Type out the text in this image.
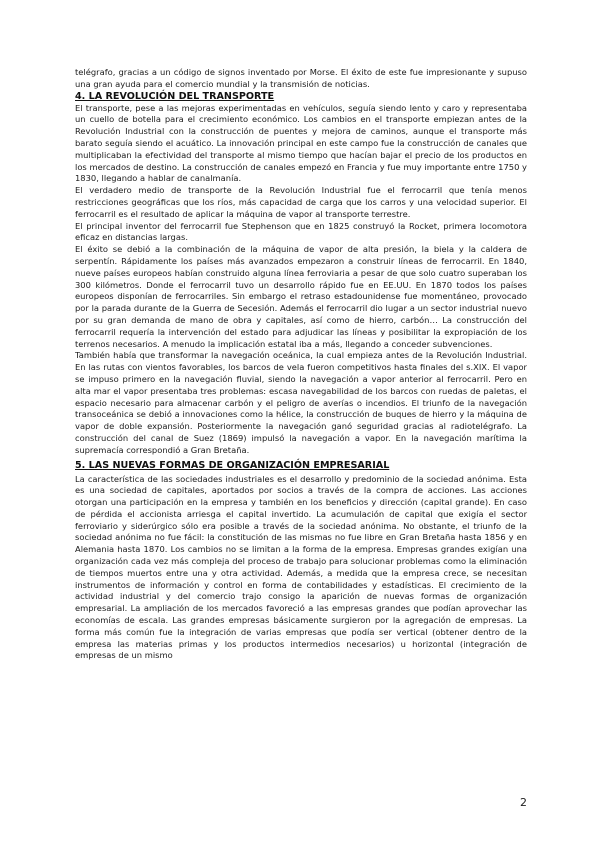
telégrafo, gracias a un código de signos inventado por Morse. El éxito de este fue impresionante y supuso una gran ayuda para el comercio mundial y la transmisión de noticias.

4. LA REVOLUCIÓN DEL TRANSPORTE

El transporte, pese a las mejoras experimentadas en vehículos, seguía siendo lento y caro y representaba un cuello de botella para el crecimiento económico. Los cambios en el transporte empiezan antes de la Revolución Industrial con la construcción de puentes y mejora de caminos, aunque el transporte más barato seguía siendo el acuático. La innovación principal en este campo fue la construcción de canales que multiplicaban la efectividad del transporte al mismo tiempo que hacían bajar el precio de los productos en los mercados de destino. La construcción de canales empezó en Francia y fue muy importante entre 1750 y 1830, llegando a hablar de canalmanía.

El verdadero medio de transporte de la Revolución Industrial fue el ferrocarril que tenía menos restricciones geográficas que los ríos, más capacidad de carga que los carros y una velocidad superior. El ferrocarril es el resultado de aplicar la máquina de vapor al transporte terrestre.

El principal inventor del ferrocarril fue Stephenson que en 1825 construyó la Rocket, primera locomotora eficaz en distancias largas.

El éxito se debió a la combinación de la máquina de vapor de alta presión, la biela y la caldera de serpentín. Rápidamente los países más avanzados empezaron a construir líneas de ferrocarril. En 1840, nueve países europeos habían construido alguna línea ferroviaria a pesar de que solo cuatro superaban los 300 kilómetros. Donde el ferrocarril tuvo un desarrollo rápido fue en EE.UU. En 1870 todos los países europeos disponían de ferrocarriles. Sin embargo el retraso estadounidense fue momentáneo, provocado por la parada durante de la Guerra de Secesión. Además el ferrocarril dio lugar a un sector industrial nuevo por su gran demanda de mano de obra y capitales, así como de hierro, carbón… La construcción del ferrocarril requería la intervención del estado para adjudicar las líneas y posibilitar la expropiación de los terrenos necesarios. A menudo la implicación estatal iba a más, llegando a conceder subvenciones.

También había que transformar la navegación oceánica, la cual empieza antes de la Revolución Industrial. En las rutas con vientos favorables, los barcos de vela fueron competitivos hasta finales del s.XIX. El vapor se impuso primero en la navegación fluvial, siendo la navegación a vapor anterior al ferrocarril. Pero en alta mar el vapor presentaba tres problemas: escasa navegabilidad de los barcos con ruedas de paletas, el espacio necesario para almacenar carbón y el peligro de averías o incendios. El triunfo de la navegación transoceánica se debió a innovaciones como la hélice, la construcción de buques de hierro y la máquina de vapor de doble expansión. Posteriormente la navegación ganó seguridad gracias al radiotelégrafo. La construcción del canal de Suez (1869) impulsó la navegación a vapor. En la navegación marítima la supremacía correspondió a Gran Bretaña.

5. LAS NUEVAS FORMAS DE ORGANIZACIÓN EMPRESARIAL

La característica de las sociedades industriales es el desarrollo y predominio de la sociedad anónima. Esta es una sociedad de capitales, aportados por socios a través de la compra de acciones. Las acciones otorgan una participación en la empresa y también en los beneficios y dirección (capital grande). En caso de pérdida el accionista arriesga el capital invertido. La acumulación de capital que exigía el sector ferroviario y siderúrgico sólo era posible a través de la sociedad anónima. No obstante, el triunfo de la sociedad anónima no fue fácil: la constitución de las mismas no fue libre en Gran Bretaña hasta 1856 y en Alemania hasta 1870. Los cambios no se limitan a la forma de la empresa. Empresas grandes exigían una organización cada vez más compleja del proceso de trabajo para solucionar problemas como la eliminación de tiempos muertos entre una y otra actividad. Además, a medida que la empresa crece, se necesitan instrumentos de información y control en forma de contabilidades y estadísticas. El crecimiento de la actividad industrial y del comercio trajo consigo la aparición de nuevas formas de organización empresarial. La ampliación de los mercados favoreció a las empresas grandes que podían aprovechar las economías de escala. Las grandes empresas básicamente surgieron por la agregación de empresas. La forma más común fue la integración de varias empresas que podía ser vertical (obtener dentro de la empresa las materias primas y los productos intermedios necesarios) u horizontal (integración de empresas de un mismo

2
